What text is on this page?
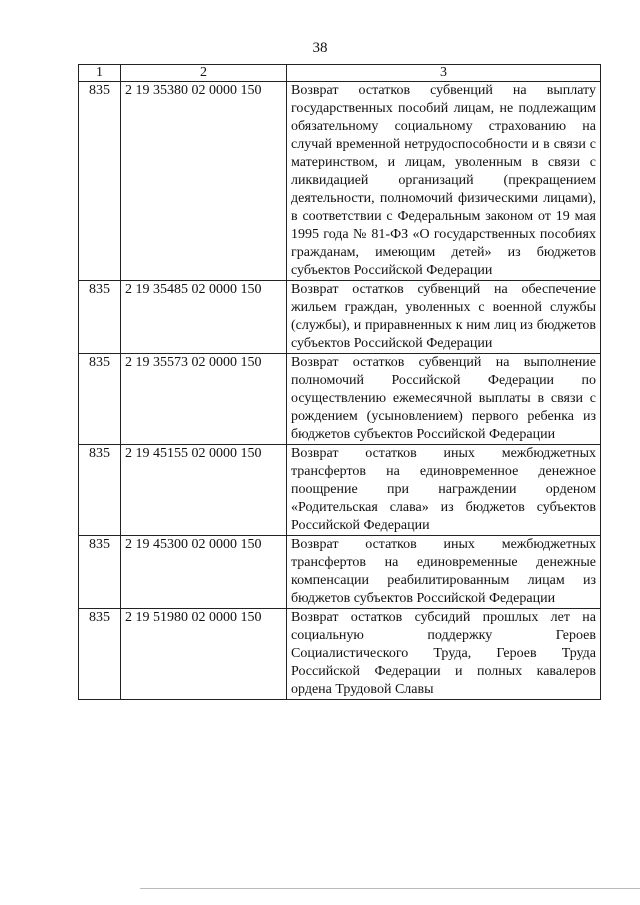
38
1	2	3
835	2 19 35380 02 0000 150	Возврат остатков субвенций на выплату государственных пособий лицам, не подлежащим обязательному социальному страхованию на случай временной нетрудоспособности и в связи с материнством, и лицам, уволенным в связи с ликвидацией организаций (прекращением деятельности, полномочий физическими лицами), в соответствии с Федеральным законом от 19 мая 1995 года № 81-ФЗ «О государственных пособиях гражданам, имеющим детей» из бюджетов субъектов Российской Федерации
835	2 19 35485 02 0000 150	Возврат остатков субвенций на обеспечение жильем граждан, уволенных с военной службы (службы), и приравненных к ним лиц из бюджетов субъектов Российской Федерации
835	2 19 35573 02 0000 150	Возврат остатков субвенций на выполнение полномочий Российской Федерации по осуществлению ежемесячной выплаты в связи с рождением (усыновлением) первого ребенка из бюджетов субъектов Российской Федерации
835	2 19 45155 02 0000 150	Возврат остатков иных межбюджетных трансфертов на единовременное денежное поощрение при награждении орденом «Родительская слава» из бюджетов субъектов Российской Федерации
835	2 19 45300 02 0000 150	Возврат остатков иных межбюджетных трансфертов на единовременные денежные компенсации реабилитированным лицам из бюджетов субъектов Российской Федерации
835	2 19 51980 02 0000 150	Возврат остатков субсидий прошлых лет на социальную поддержку Героев Социалистического Труда, Героев Труда Российской Федерации и полных кавалеров ордена Трудовой Славы
